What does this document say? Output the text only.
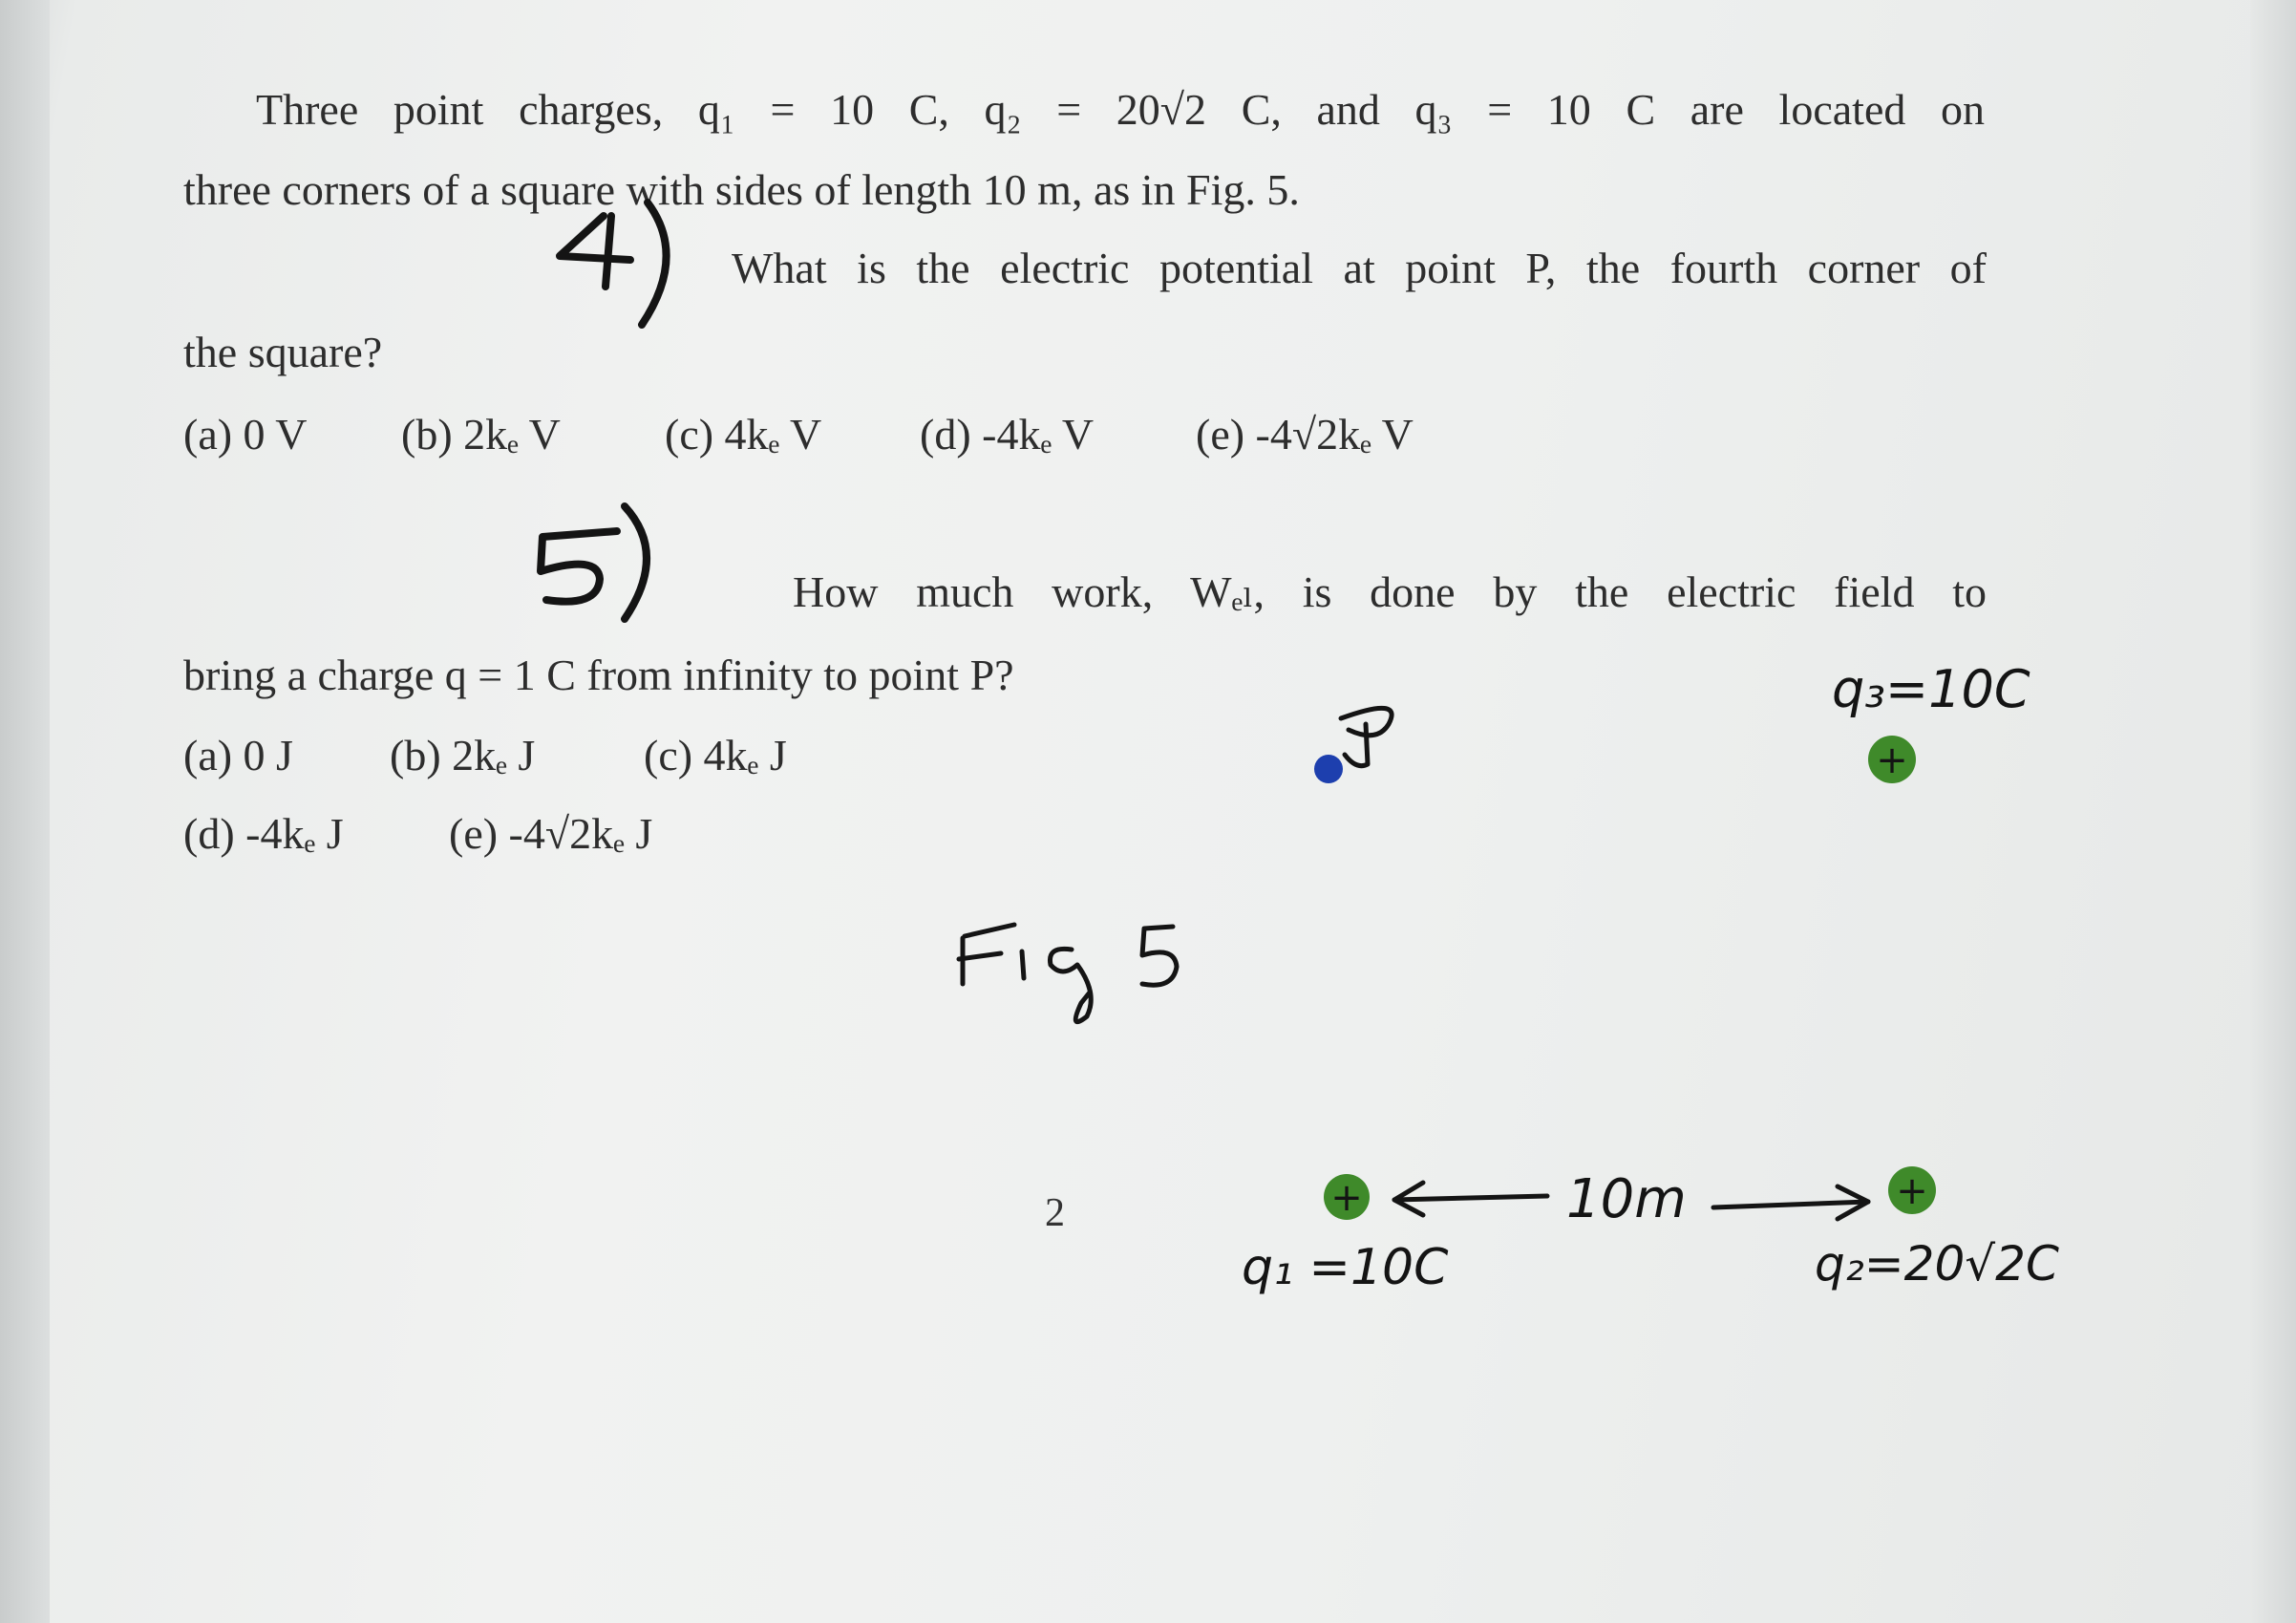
Three point charges, q₁ = 10 C, q₂ = 20√2 C, and q₃ = 10 C are located on
three corners of a square with sides of length 10 m, as in Fig. 5.
What is the electric potential at point P, the fourth corner of
the square?
(a) 0 V (b) 2kₑ V (c) 4kₑ V (d) -4kₑ V (e) -4√2kₑ V
How much work, Wₑₗ, is done by the electric field to
bring a charge q = 1 C from infinity to point P?
(a) 0 J (b) 2kₑ J (c) 4kₑ J
(d) -4kₑ J (e) -4√2kₑ J
2
+
q₃=10C
+
q₁ =10C
+
q₂=20√2C
10m
